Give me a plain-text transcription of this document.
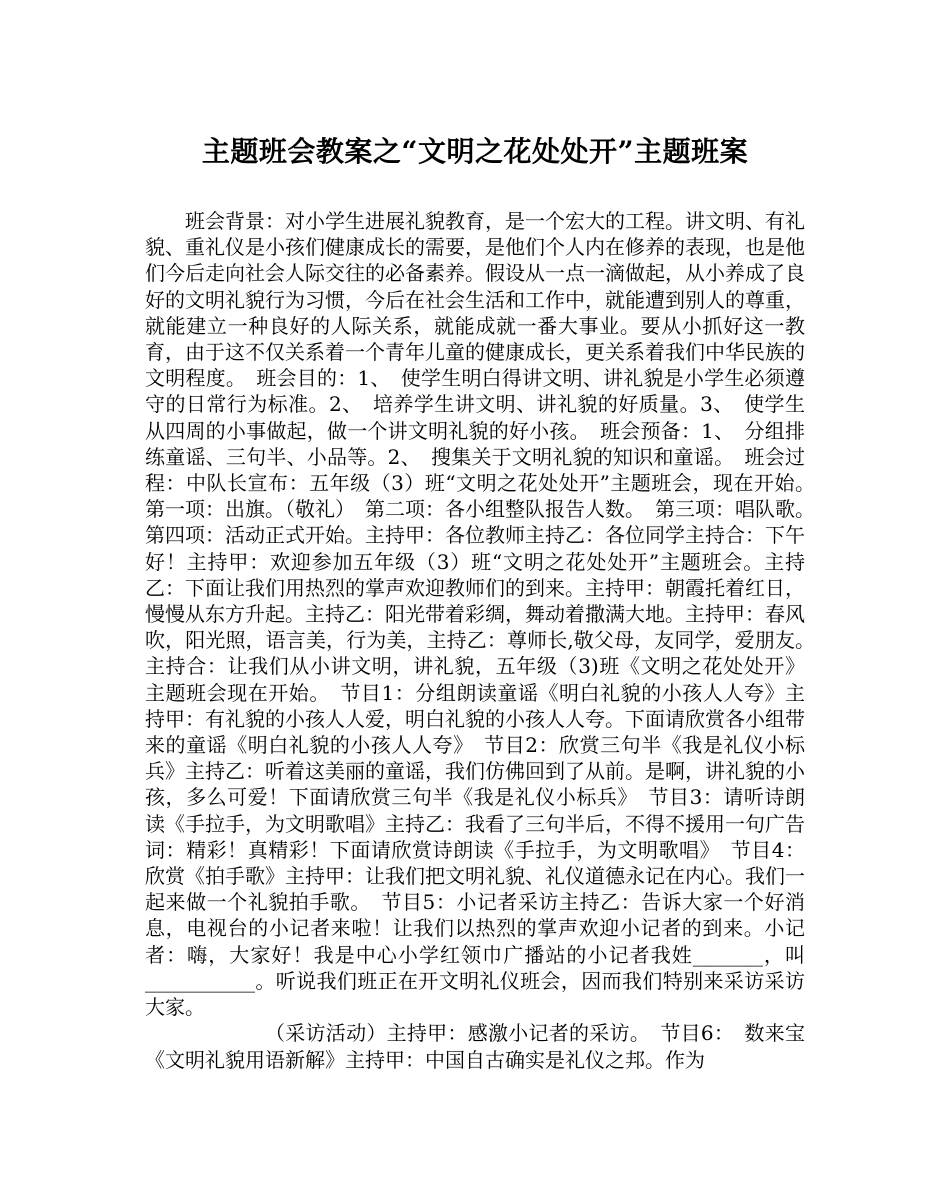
主题班会教案之“文明之花处处开”主题班案

班会背景：对小学生进展礼貌教育，是一个宏大的工程。讲文明、有礼貌、重礼仪是小孩们健康成长的需要，是他们个人内在修养的表现，也是他们今后走向社会人际交往的必备素养。假设从一点一滴做起，从小养成了良好的文明礼貌行为习惯，今后在社会生活和工作中，就能遭到别人的尊重，就能建立一种良好的人际关系，就能成就一番大事业。要从小抓好这一教育，由于这不仅关系着一个青年儿童的健康成长，更关系着我们中华民族的文明程度。　班会目的：1、　使学生明白得讲文明、讲礼貌是小学生必须遵守的日常行为标准。2、　培养学生讲文明、讲礼貌的好质量。3、　使学生从四周的小事做起，做一个讲文明礼貌的好小孩。　班会预备：1、　分组排练童谣、三句半、小品等。2、　搜集关于文明礼貌的知识和童谣。　班会过程：中队长宣布：五年级（3）班“文明之花处处开”主题班会，现在开始。　第一项：出旗。（敬礼）　第二项：各小组整队报告人数。　第三项：唱队歌。　第四项：活动正式开始。主持甲：各位教师主持乙：各位同学主持合：下午好！主持甲：欢迎参加五年级（3）班“文明之花处处开”主题班会。主持乙：下面让我们用热烈的掌声欢迎教师们的到来。主持甲：朝霞托着红日，慢慢从东方升起。主持乙：阳光带着彩绸，舞动着撒满大地。主持甲：春风吹，阳光照，语言美，行为美，主持乙：尊师长,敬父母，友同学，爱朋友。　主持合：让我们从小讲文明，讲礼貌，五年级（3)班《文明之花处处开》主题班会现在开始。　节目1：分组朗读童谣《明白礼貌的小孩人人夸》主持甲：有礼貌的小孩人人爱，明白礼貌的小孩人人夸。下面请欣赏各小组带来的童谣《明白礼貌的小孩人人夸》　节目2：欣赏三句半《我是礼仪小标兵》主持乙：听着这美丽的童谣，我们仿佛回到了从前。是啊，讲礼貌的小孩，多么可爱！下面请欣赏三句半《我是礼仪小标兵》　节目3：请听诗朗读《手拉手，为文明歌唱》主持乙：我看了三句半后，不得不援用一句广告词：精彩！真精彩！下面请欣赏诗朗读《手拉手，为文明歌唱》　节目4：欣赏《拍手歌》主持甲：让我们把文明礼貌、礼仪道德永记在内心。我们一起来做一个礼貌拍手歌。　节目5：小记者采访主持乙：告诉大家一个好消息，电视台的小记者来啦！让我们以热烈的掌声欢迎小记者的到来。小记者：嗨，大家好！我是中心小学红领巾广播站的小记者我姓_______，叫___________。听说我们班正在开文明礼仪班会，因而我们特别来采访采访大家。

（采访活动）主持甲：感激小记者的采访。　节目6：　数来宝《文明礼貌用语新解》主持甲：中国自古确实是礼仪之邦。作为
